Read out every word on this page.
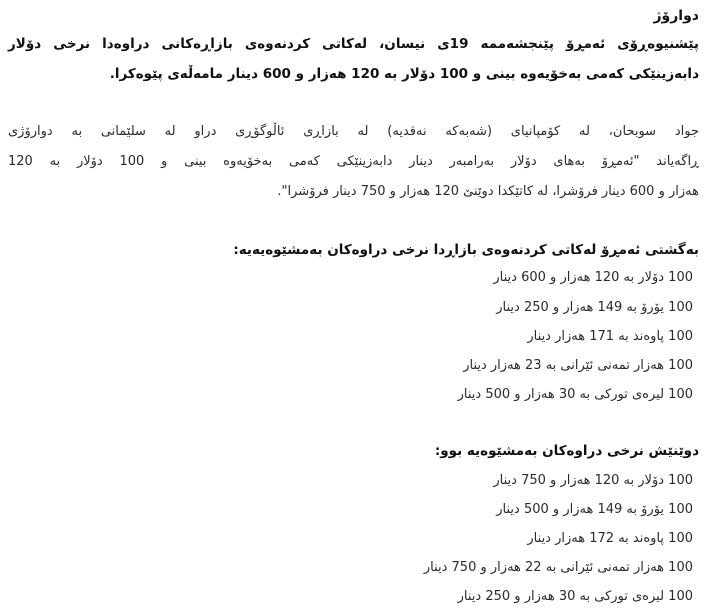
دوارۆژ
پێشنیوەڕۆی ئەمڕۆ پێنجشەممە 19ی نیسان، لەکاتی کردنەوەی بازاڕەکانی دراوەدا نرخی دۆلار
دابەزینێکی کەمی بەخۆیەوە بینی و 100 دۆلار بە 120 هەزار و 600 دینار مامەڵەی پێوەکرا.
جواد سوبحان، لە کۆمپانیای (شەبەکە نەقدیە) لە بازاڕی ئاڵوگۆڕی دراو لە سلێمانی بە دوارۆژی
ڕاگەیاند "ئەمڕۆ بەهای دۆلار بەرامبەر دینار دابەزینێکی کەمی بەخۆیەوە بینی و 100 دۆلار بە 120
هەزار و 600 دینار فرۆشرا، لە کاتێکدا دوێنێ 120 هەزار و 750 دینار فرۆشرا".
بەگشتی ئەمڕۆ لەکاتی کردنەوەی بازاڕدا نرخی دراوەکان بەمشێوەیەیە:
100 دۆلار بە 120 هەزار و 600 دینار
100 یۆرۆ بە 149 هەزار و 250 دینار
100 پاوەند بە 171 هەزار دینار
100 هەزار تمەنی ئێرانی بە 23 هەزار دینار
100 لیرەی تورکی بە 30 هەزار و 500 دینار
دوێنێش نرخی دراوەکان بەمشێوەیە بوو:
100 دۆلار بە 120 هەزار و 750 دینار
100 یۆرۆ بە 149 هەزار و 500 دینار
100 پاوەند بە 172 هەزار دینار
100 هەزار تمەنی ئێرانی بە 22 هەزار و 750 دینار
100 لیرەی تورکی بە 30 هەزار و 250 دینار
